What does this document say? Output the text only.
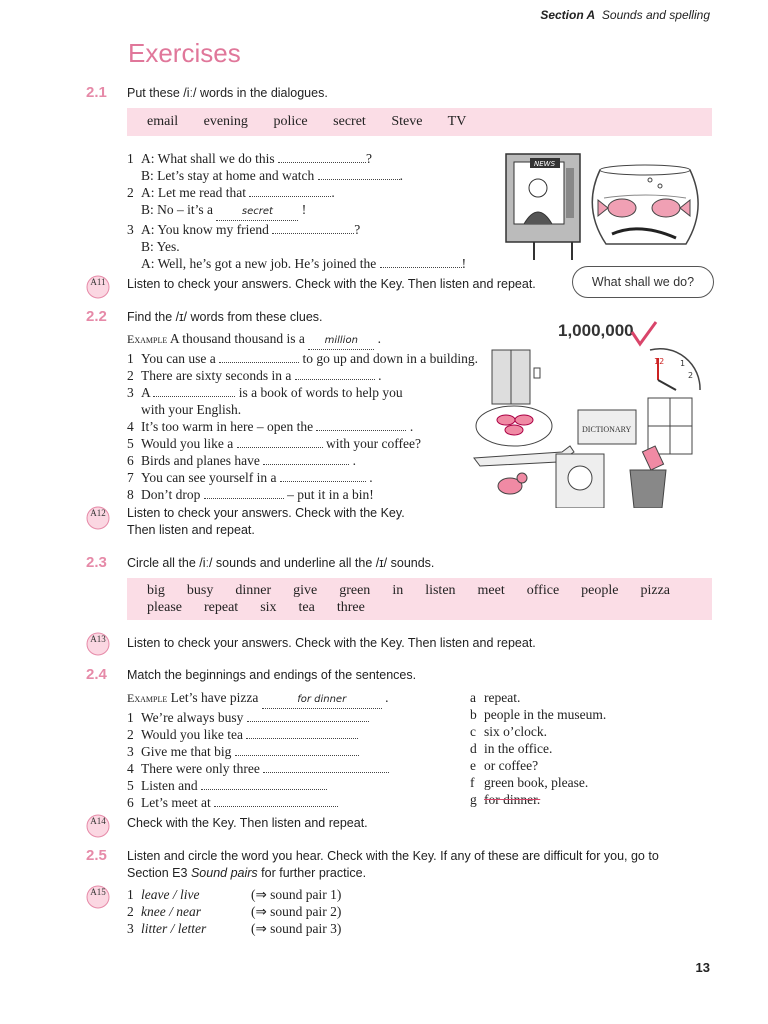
Section A Sounds and spelling
Exercises
2.1 Put these /iː/ words in the dialogues.
email evening police secret Steve TV
1 A: What shall we do this	?
B: Let’s stay at home and watch	.
2 A: Let me read that	.
B: No – it’s a	secret !
3 A: You know my friend	?
B: Yes.
A: Well, he’s got a new job. He’s joined the	!
NEWS
A11	Listen to check your answers. Check with the Key. Then listen and repeat.	What shall we do?
2.2 Find the /ɪ/ words from these clues.
Example A thousand thousand is a million .
1 You can use a	to go up and down in a building.
2 There are sixty seconds in a	.
3 A	is a book of words to help you
with your English.
4 It’s too warm in here – open the	.
5 Would you like a	with your coffee?
6 Birds and planes have	.
7 You can see yourself in a	.
8 Don’t drop	– put it in a bin!
1,000,000
12 1
2
DICTIONARY
A12	Listen to check your answers. Check with the Key.
Then listen and repeat.
2.3 Circle all the /iː/ sounds and underline all the /ɪ/ sounds.
big busy dinner give green in listen meet office people pizza
please repeat six tea three
A13	Listen to check your answers. Check with the Key. Then listen and repeat.
2.4 Match the beginnings and endings of the sentences.
Example Let’s have pizza	for dinner	.
1 We’re always busy
2 Would you like tea
3 Give me that big
4 There were only three
5 Listen and
6 Let’s meet at
a repeat.
b people in the museum.
c six o’clock.
d in the office.
e or coffee?
f green book, please.
g for dinner.
A14	Check with the Key. Then listen and repeat.
2.5 Listen and circle the word you hear. Check with the Key. If any of these are difficult for you, go to
Section E3 Sound pairs for further practice.
A15	1 leave / live	(⇒ sound pair 1)
2 knee / near	(⇒ sound pair 2)
3 litter / letter	(⇒ sound pair 3)
13
